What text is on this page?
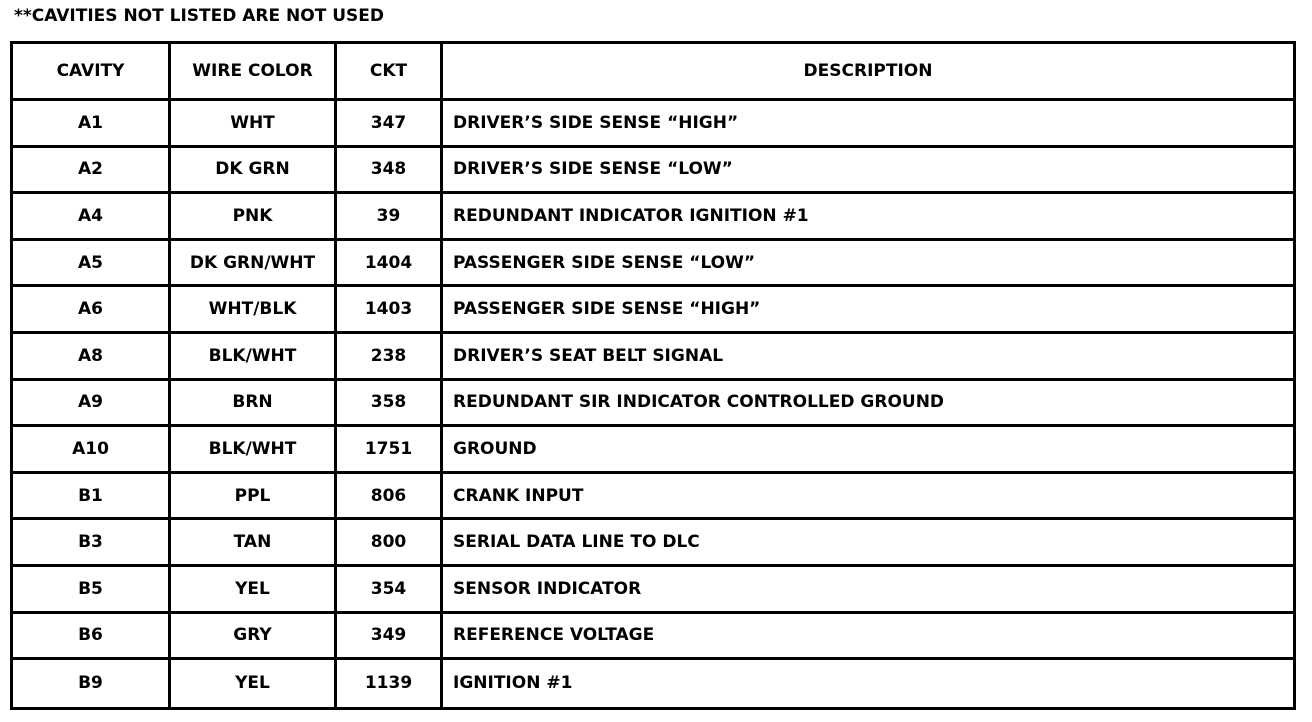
**CAVITIES NOT LISTED ARE NOT USED
CAVITY	WIRE COLOR	CKT	DESCRIPTION
A1	WHT	347	DRIVER’S SIDE SENSE “HIGH”
A2	DK GRN	348	DRIVER’S SIDE SENSE “LOW”
A4	PNK	39	REDUNDANT INDICATOR IGNITION #1
A5	DK GRN/WHT	1404	PASSENGER SIDE SENSE “LOW”
A6	WHT/BLK	1403	PASSENGER SIDE SENSE “HIGH”
A8	BLK/WHT	238	DRIVER’S SEAT BELT SIGNAL
A9	BRN	358	REDUNDANT SIR INDICATOR CONTROLLED GROUND
A10	BLK/WHT	1751	GROUND
B1	PPL	806	CRANK INPUT
B3	TAN	800	SERIAL DATA LINE TO DLC
B5	YEL	354	SENSOR INDICATOR
B6	GRY	349	REFERENCE VOLTAGE
B9	YEL	1139	IGNITION #1
